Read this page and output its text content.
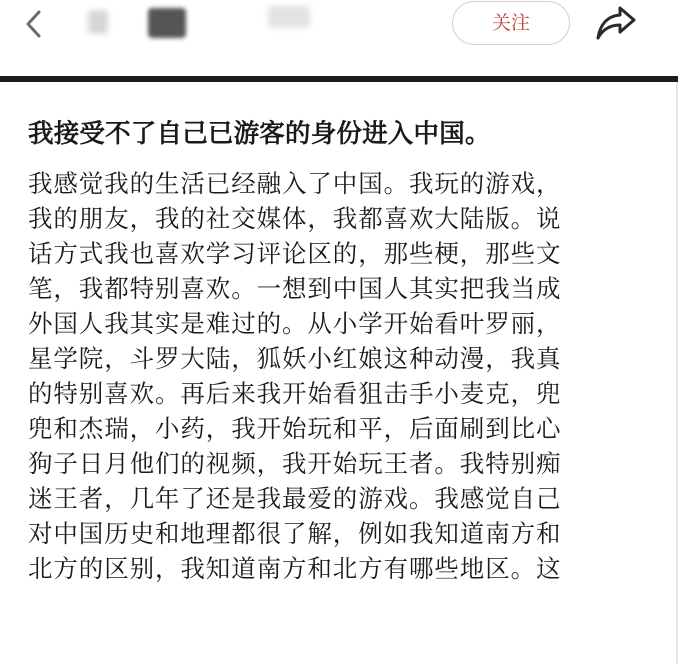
关注
我接受不了自己已游客的身份进入中国。
我感觉我的生活已经融入了中国。我玩的游戏，
我的朋友，我的社交媒体，我都喜欢大陆版。说
话方式我也喜欢学习评论区的，那些梗，那些文
笔，我都特别喜欢。一想到中国人其实把我当成
外国人我其实是难过的。从小学开始看叶罗丽，
星学院，斗罗大陆，狐妖小红娘这种动漫，我真
的特别喜欢。再后来我开始看狙击手小麦克，兜
兜和杰瑞，小药，我开始玩和平，后面刷到比心
狗子日月他们的视频，我开始玩王者。我特别痴
迷王者，几年了还是我最爱的游戏。我感觉自己
对中国历史和地理都很了解，例如我知道南方和
北方的区别，我知道南方和北方有哪些地区。这
